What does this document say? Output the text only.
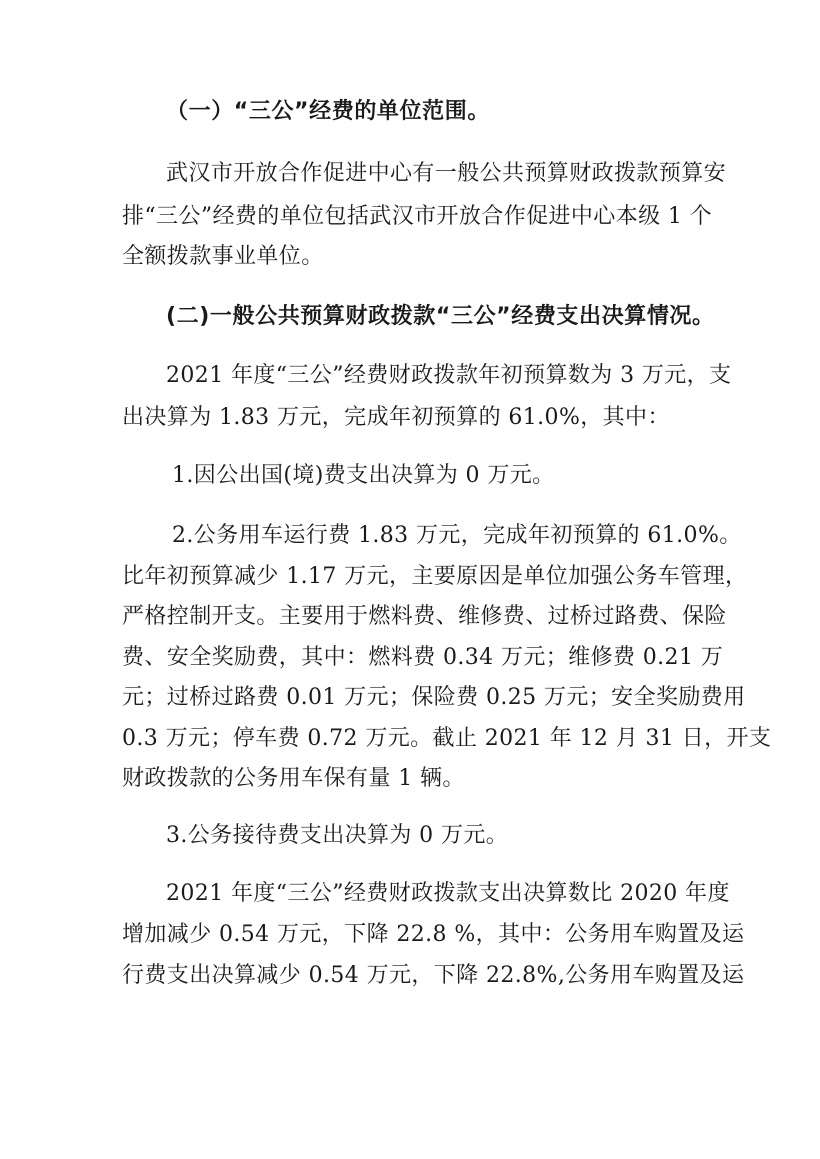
（一）“三公”经费的单位范围。
武汉市开放合作促进中心有一般公共预算财政拨款预算安
排“三公”经费的单位包括武汉市开放合作促进中心本级 1 个
全额拨款事业单位。
(二)一般公共预算财政拨款“三公”经费支出决算情况。
2021 年度“三公”经费财政拨款年初预算数为 3 万元，支
出决算为 1.83 万元，完成年初预算的 61.0%，其中：
1.因公出国(境)费支出决算为 0 万元。
2.公务用车运行费 1.83 万元，完成年初预算的 61.0%。
比年初预算减少 1.17 万元，主要原因是单位加强公务车管理，
严格控制开支。主要用于燃料费、维修费、过桥过路费、保险
费、安全奖励费，其中：燃料费 0.34 万元；维修费 0.21 万
元；过桥过路费 0.01 万元；保险费 0.25 万元；安全奖励费用
0.3 万元；停车费 0.72 万元。截止 2021 年 12 月 31 日，开支
财政拨款的公务用车保有量 1 辆。
3.公务接待费支出决算为 0 万元。
2021 年度“三公”经费财政拨款支出决算数比 2020 年度
增加减少 0.54 万元，下降 22.8 %，其中：公务用车购置及运
行费支出决算减少 0.54 万元，下降 22.8%,公务用车购置及运
